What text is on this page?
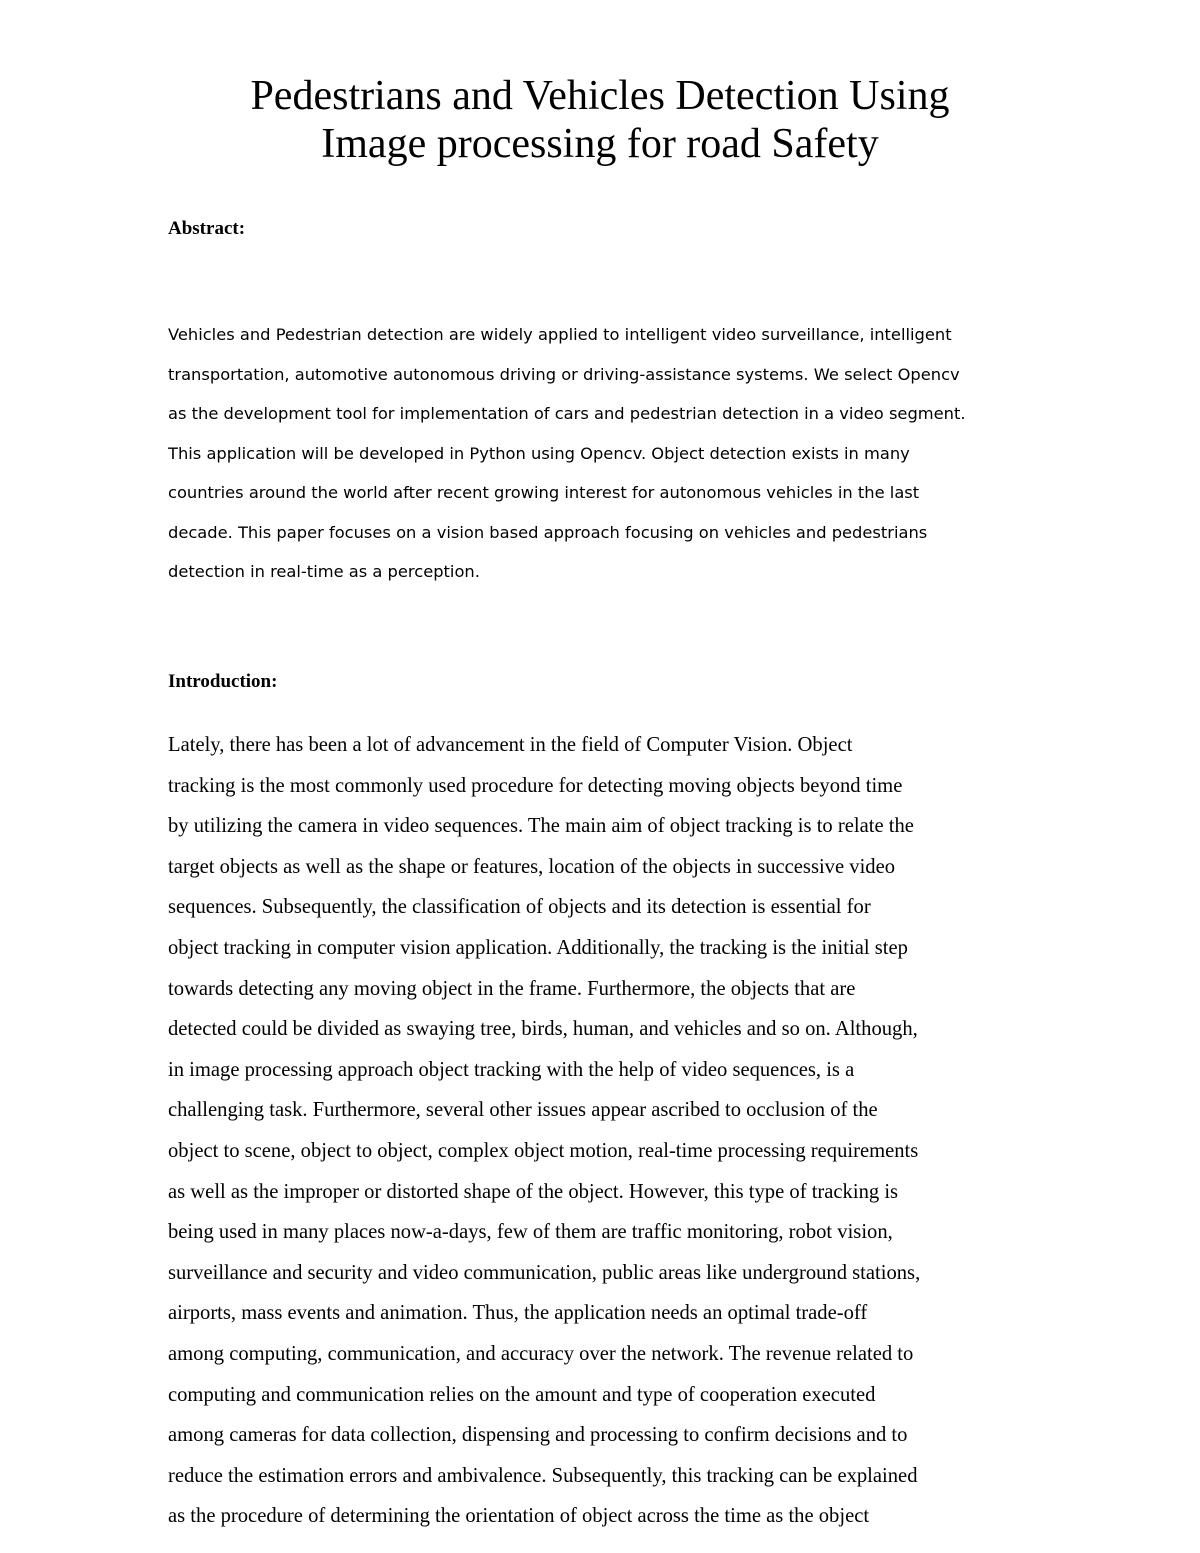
Pedestrians and Vehicles Detection Using
Image processing for road Safety
Abstract:
Vehicles and Pedestrian detection are widely applied to intelligent video surveillance, intelligent
transportation, automotive autonomous driving or driving-assistance systems. We select Opencv
as the development tool for implementation of cars and pedestrian detection in a video segment.
This application will be developed in Python using Opencv. Object detection exists in many
countries around the world after recent growing interest for autonomous vehicles in the last
decade. This paper focuses on a vision based approach focusing on vehicles and pedestrians
detection in real-time as a perception.
Introduction:
Lately, there has been a lot of advancement in the field of Computer Vision. Object
tracking is the most commonly used procedure for detecting moving objects beyond time
by utilizing the camera in video sequences. The main aim of object tracking is to relate the
target objects as well as the shape or features, location of the objects in successive video
sequences. Subsequently, the classification of objects and its detection is essential for
object tracking in computer vision application. Additionally, the tracking is the initial step
towards detecting any moving object in the frame. Furthermore, the objects that are
detected could be divided as swaying tree, birds, human, and vehicles and so on. Although,
in image processing approach object tracking with the help of video sequences, is a
challenging task. Furthermore, several other issues appear ascribed to occlusion of the
object to scene, object to object, complex object motion, real-time processing requirements
as well as the improper or distorted shape of the object. However, this type of tracking is
being used in many places now-a-days, few of them are traffic monitoring, robot vision,
surveillance and security and video communication, public areas like underground stations,
airports, mass events and animation. Thus, the application needs an optimal trade-off
among computing, communication, and accuracy over the network. The revenue related to
computing and communication relies on the amount and type of cooperation executed
among cameras for data collection, dispensing and processing to confirm decisions and to
reduce the estimation errors and ambivalence. Subsequently, this tracking can be explained
as the procedure of determining the orientation of object across the time as the object
